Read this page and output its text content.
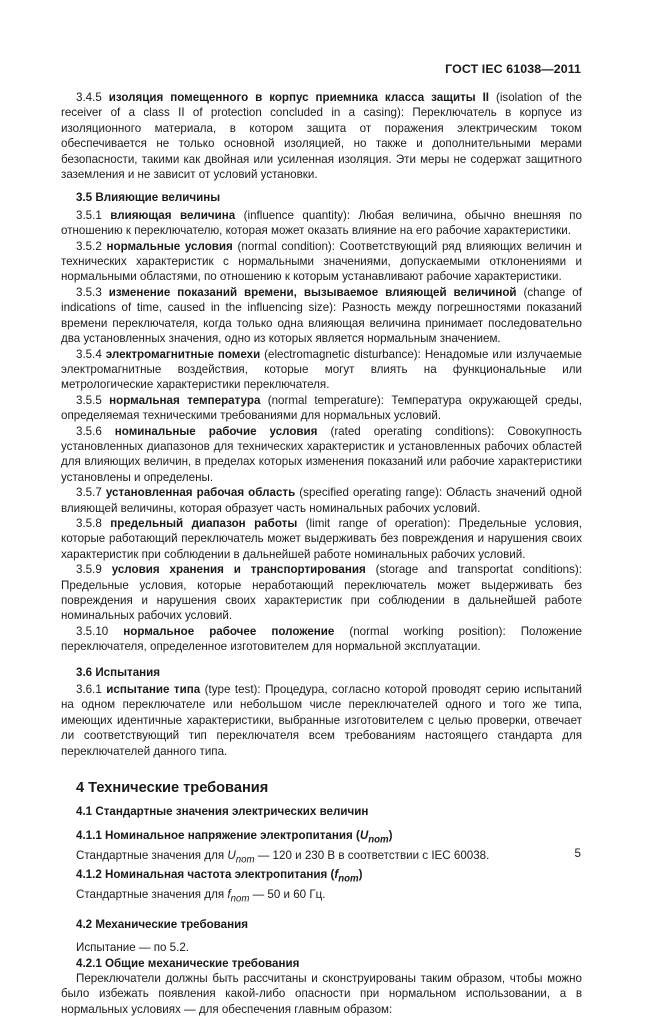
ГОСТ IEC 61038—2011

3.4.5 изоляция помещенного в корпус приемника класса защиты II (isolation of the receiver of a class II of protection concluded in a casing): Переключатель в корпусе из изоляционного материала, в котором защита от поражения электрическим током обеспечивается не только основной изоляцией, но также и дополнительными мерами безопасности, такими как двойная или усиленная изоляция. Эти меры не содержат защитного заземления и не зависит от условий установки.

3.5 Влияющие величины

3.5.1 влияющая величина (influence quantity): Любая величина, обычно внешняя по отношению к переключателю, которая может оказать влияние на его рабочие характеристики.

3.5.2 нормальные условия (normal condition): Соответствующий ряд влияющих величин и технических характеристик с нормальными значениями, допускаемыми отклонениями и нормальными областями, по отношению к которым устанавливают рабочие характеристики.

3.5.3 изменение показаний времени, вызываемое влияющей величиной (change of indications of time, caused in the influencing size): Разность между погрешностями показаний времени переключателя, когда только одна влияющая величина принимает последовательно два установленных значения, одно из которых является нормальным значением.

3.5.4 электромагнитные помехи (electromagnetic disturbance): Ненадомые или излучаемые электромагнитные воздействия, которые могут влиять на функциональные или метрологические характеристики переключателя.

3.5.5 нормальная температура (normal temperature): Температура окружающей среды, определяемая техническими требованиями для нормальных условий.

3.5.6 номинальные рабочие условия (rated operating conditions): Совокупность установленных диапазонов для технических характеристик и установленных рабочих областей для влияющих величин, в пределах которых изменения показаний или рабочие характеристики установлены и определены.

3.5.7 установленная рабочая область (specified operating range): Область значений одной влияющей величины, которая образует часть номинальных рабочих условий.

3.5.8 предельный диапазон работы (limit range of operation): Предельные условия, которые работающий переключатель может выдерживать без повреждения и нарушения своих характеристик при соблюдении в дальнейшей работе номинальных рабочих условий.

3.5.9 условия хранения и транспортирования (storage and transportat conditions): Предельные условия, которые неработающий переключатель может выдерживать без повреждения и нарушения своих характеристик при соблюдении в дальнейшей работе номинальных рабочих условий.

3.5.10 нормальное рабочее положение (normal working position): Положение переключателя, определенное изготовителем для нормальной эксплуатации.

3.6 Испытания

3.6.1 испытание типа (type test): Процедура, согласно которой проводят серию испытаний на одном переключателе или небольшом числе переключателей одного и того же типа, имеющих идентичные характеристики, выбранные изготовителем с целью проверки, отвечает ли соответствующий тип переключателя всем требованиям настоящего стандарта для переключателей данного типа.

4 Технические требования
4.1 Стандартные значения электрических величин
4.1.1 Номинальное напряжение электропитания $(U_{nom})$

Стандартные значения для $U_{nom}$ — 120 и 230 В в соответствии с IEC 60038.

4.1.2 Номинальная частота электропитания $(f_{nom})$

Стандартные значения для $f_{nom}$ — 50 и 60 Гц.

4.2 Механические требования

Испытание — по 5.2.

4.2.1 Общие механические требования

Переключатели должны быть рассчитаны и сконструированы таким образом, чтобы можно было избежать появления какой-либо опасности при нормальном использовании, а в нормальных условиях — для обеспечения главным образом:

5
